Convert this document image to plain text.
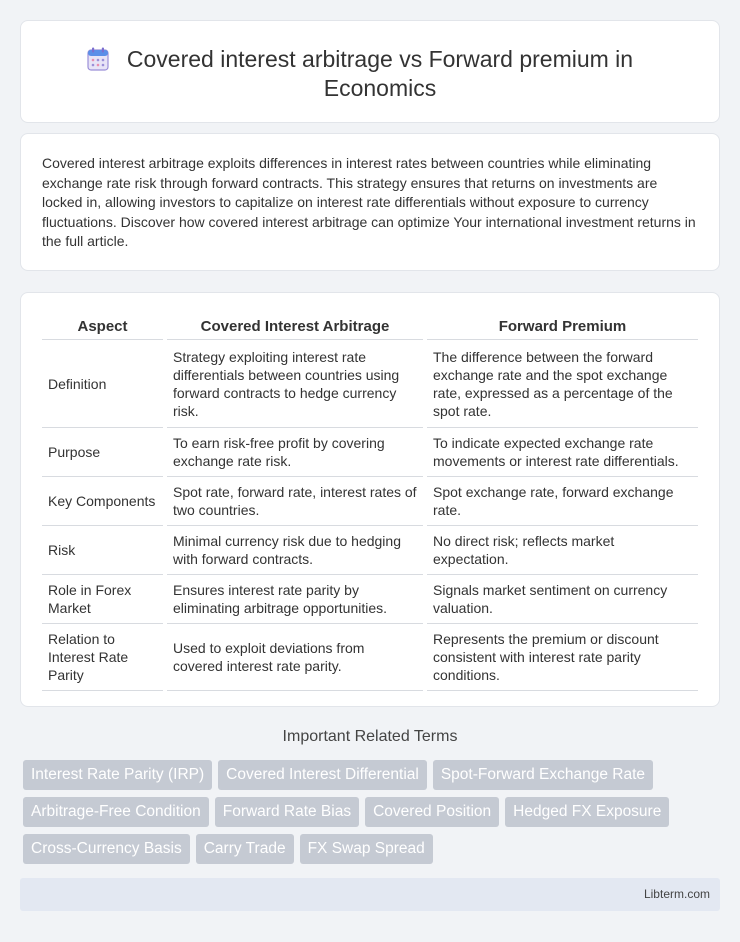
Covered interest arbitrage vs Forward premium in Economics

Covered interest arbitrage exploits differences in interest rates between countries while eliminating exchange rate risk through forward contracts. This strategy ensures that returns on investments are locked in, allowing investors to capitalize on interest rate differentials without exposure to currency fluctuations. Discover how covered interest arbitrage can optimize Your international investment returns in the full article.

Aspect	Covered Interest Arbitrage	Forward Premium
Definition	Strategy exploiting interest rate differentials between countries using forward contracts to hedge currency risk.	The difference between the forward exchange rate and the spot exchange rate, expressed as a percentage of the spot rate.
Purpose	To earn risk-free profit by covering exchange rate risk.	To indicate expected exchange rate movements or interest rate differentials.
Key Components	Spot rate, forward rate, interest rates of two countries.	Spot exchange rate, forward exchange rate.
Risk	Minimal currency risk due to hedging with forward contracts.	No direct risk; reflects market expectation.
Role in Forex Market	Ensures interest rate parity by eliminating arbitrage opportunities.	Signals market sentiment on currency valuation.
Relation to Interest Rate Parity	Used to exploit deviations from covered interest rate parity.	Represents the premium or discount consistent with interest rate parity conditions.
Important Related Terms
Interest Rate Parity (IRP)	Covered Interest Differential	Spot-Forward Exchange Rate
Arbitrage-Free Condition	Forward Rate Bias	Covered Position	Hedged FX Exposure
Cross-Currency Basis	Carry Trade	FX Swap Spread
Libterm.com
